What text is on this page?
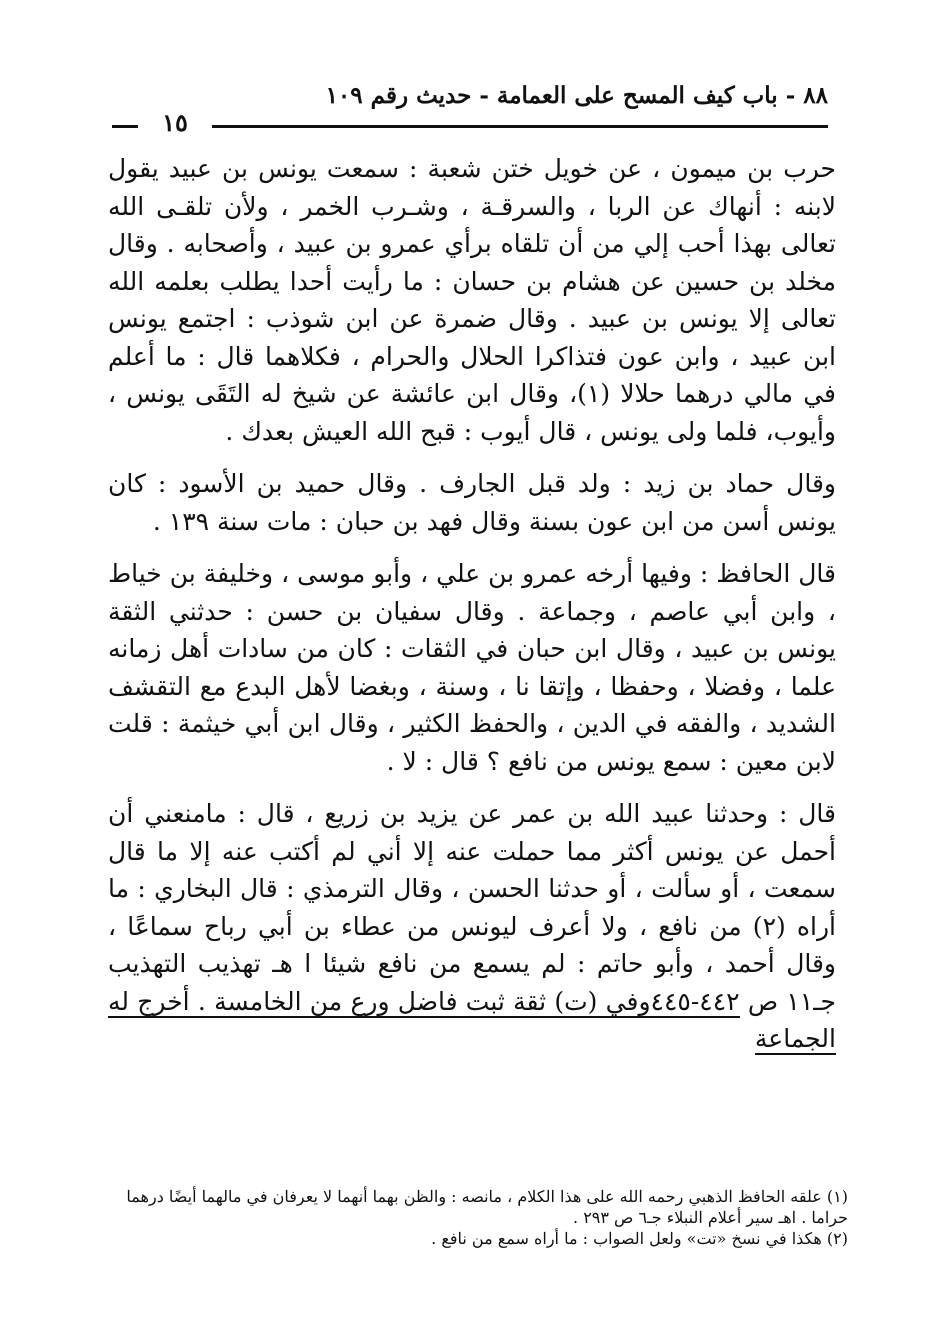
٨٨ - باب كيف المسح على العمامة - حديث رقم ١٠٩
١٥

حرب بن ميمون ، عن خويل ختن شعبة : سمعت يونس بن عبيد يقول لابنه : أنهاك عن الربا ، والسرقـة ، وشـرب الخمر ، ولأن تلقـى الله تعالى بهذا أحب إلي من أن تلقاه برأي عمرو بن عبيد ، وأصحابه . وقال مخلد بن حسين عن هشام بن حسان : ما رأيت أحدا يطلب بعلمه الله تعالى إلا يونس بن عبيد . وقال ضمرة عن ابن شوذب : اجتمع يونس ابن عبيد ، وابن عون فتذاكرا الحلال والحرام ، فكلاهما قال : ما أعلم في مالي درهما حلالا (١)، وقال ابن عائشة عن شيخ له التَقَى يونس ، وأيوب، فلما ولى يونس ، قال أيوب : قبح الله العيش بعدك .

وقال حماد بن زيد : ولد قبل الجارف . وقال حميد بن الأسود : كان يونس أسن من ابن عون بسنة وقال فهد بن حبان : مات سنة ١٣٩ .

قال الحافظ : وفيها أرخه عمرو بن علي ، وأبو موسى ، وخليفة بن خياط ، وابن أبي عاصم ، وجماعة . وقال سفيان بن حسن : حدثني الثقة يونس بن عبيد ، وقال ابن حبان في الثقات : كان من سادات أهل زمانه علما ، وفضلا ، وحفظا ، وإتقا نا ، وسنة ، وبغضا لأهل البدع مع التقشف الشديد ، والفقه في الدين ، والحفظ الكثير ، وقال ابن أبي خيثمة : قلت لابن معين : سمع يونس من نافع ؟ قال : لا .

قال : وحدثنا عبيد الله بن عمر عن يزيد بن زريع ، قال : مامنعني أن أحمل عن يونس أكثر مما حملت عنه إلا أني لم أكتب عنه إلا ما قال سمعت ، أو سألت ، أو حدثنا الحسن ، وقال الترمذي : قال البخاري : ما أراه (٢) من نافع ، ولا أعرف ليونس من عطاء بن أبي رباح سماعًا ، وقال أحمد ، وأبو حاتم : لم يسمع من نافع شيئا ا هـ تهذيب التهذيب جـ١١ ص ٤٤٢-٤٤٥وفي (ت) ثقة ثبت فاضل ورع من الخامسة . أخرج له الجماعة

(١) علقه الحافظ الذهبي رحمه الله على هذا الكلام ، مانصه : والظن بهما أنهما لا يعرفان في مالهما أيضًا درهما حراما . اهـ سير أعلام النبلاء جـ٦ ص ٢٩٣ .

(٢) هكذا في نسخ «تت» ولعل الصواب : ما أراه سمع من نافع .
